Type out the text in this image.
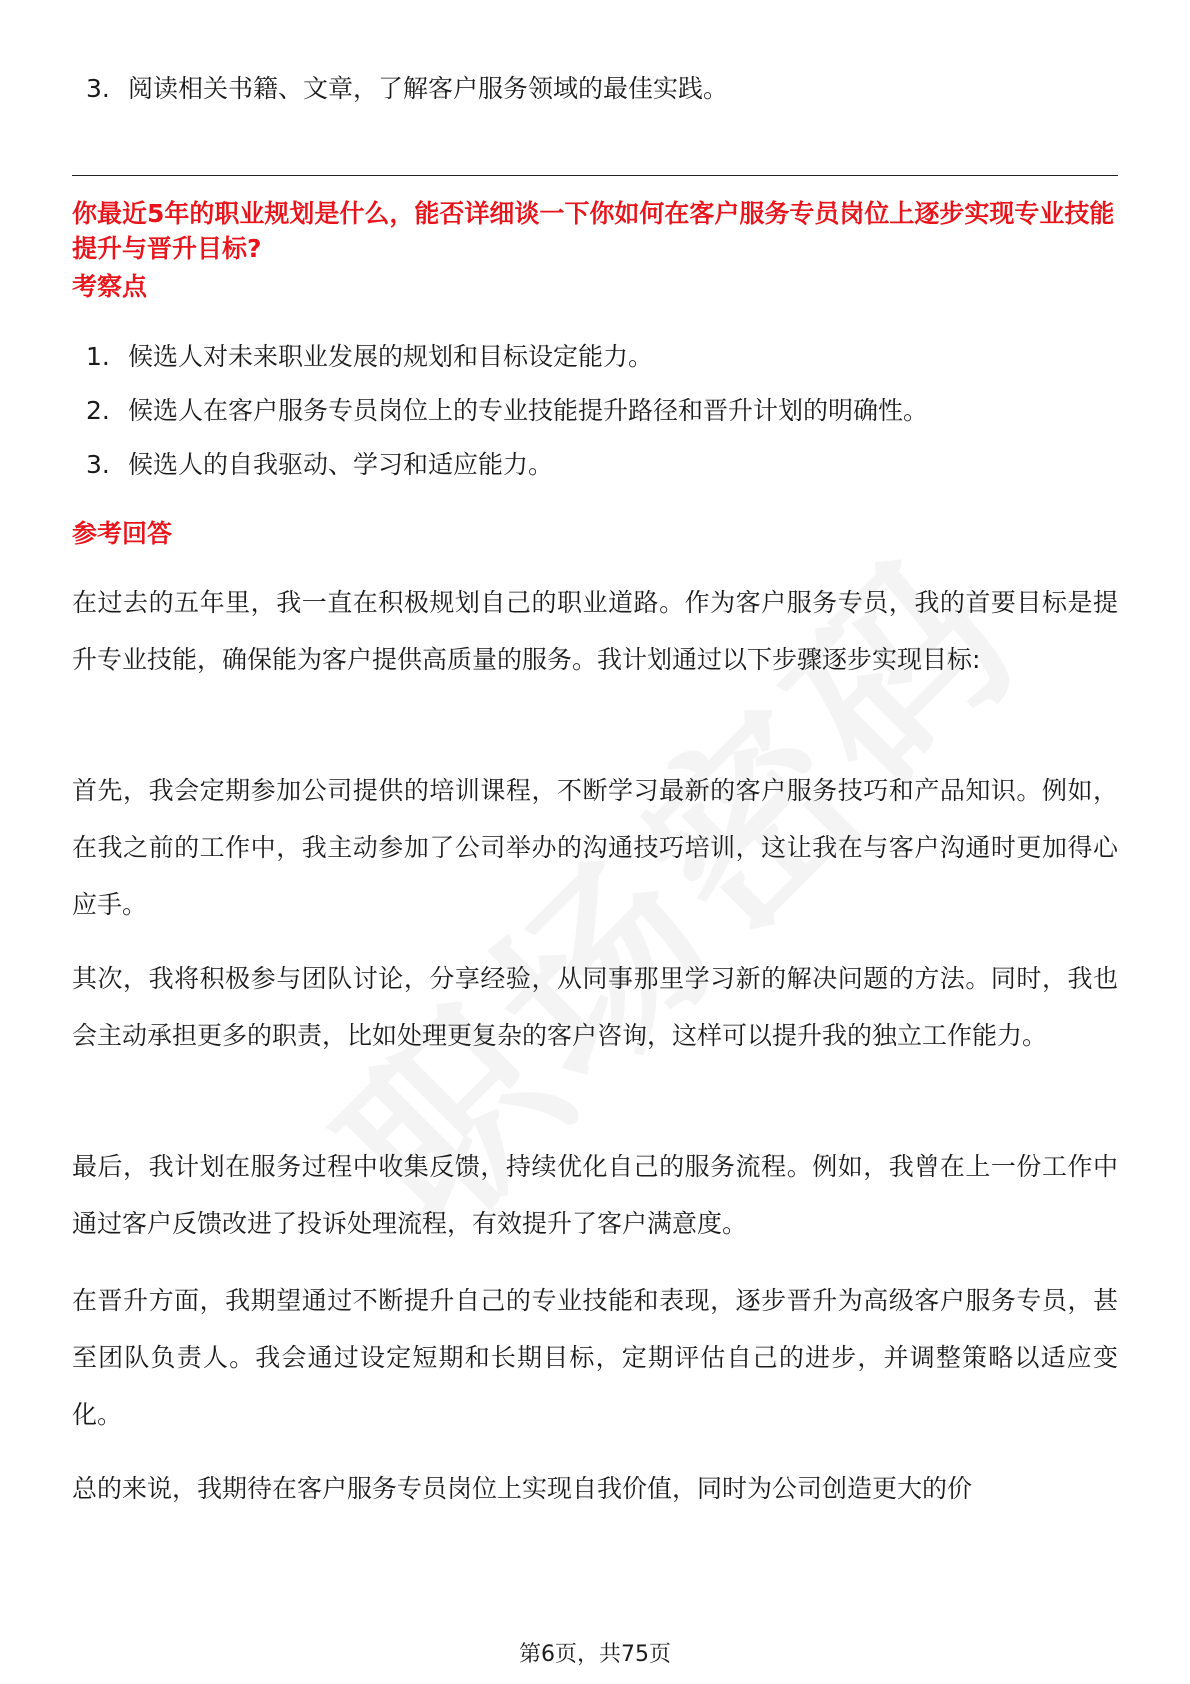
3. 阅读相关书籍、文章，了解客户服务领域的最佳实践。
你最近5年的职业规划是什么，能否详细谈一下你如何在客户服务专员岗位上逐步实现专业技能提升与晋升目标?
考察点
1. 候选人对未来职业发展的规划和目标设定能力。
2. 候选人在客户服务专员岗位上的专业技能提升路径和晋升计划的明确性。
3. 候选人的自我驱动、学习和适应能力。
参考回答
在过去的五年里，我一直在积极规划自己的职业道路。作为客户服务专员，我的首要目标是提升专业技能，确保能为客户提供高质量的服务。我计划通过以下步骤逐步实现目标:
首先，我会定期参加公司提供的培训课程，不断学习最新的客户服务技巧和产品知识。例如，在我之前的工作中，我主动参加了公司举办的沟通技巧培训，这让我在与客户沟通时更加得心应手。
其次，我将积极参与团队讨论，分享经验，从同事那里学习新的解决问题的方法。同时，我也会主动承担更多的职责，比如处理更复杂的客户咨询，这样可以提升我的独立工作能力。
最后，我计划在服务过程中收集反馈，持续优化自己的服务流程。例如，我曾在上一份工作中通过客户反馈改进了投诉处理流程，有效提升了客户满意度。
在晋升方面，我期望通过不断提升自己的专业技能和表现，逐步晋升为高级客户服务专员，甚至团队负责人。我会通过设定短期和长期目标，定期评估自己的进步，并调整策略以适应变化。
总的来说，我期待在客户服务专员岗位上实现自我价值，同时为公司创造更大的价
第6页，共75页
